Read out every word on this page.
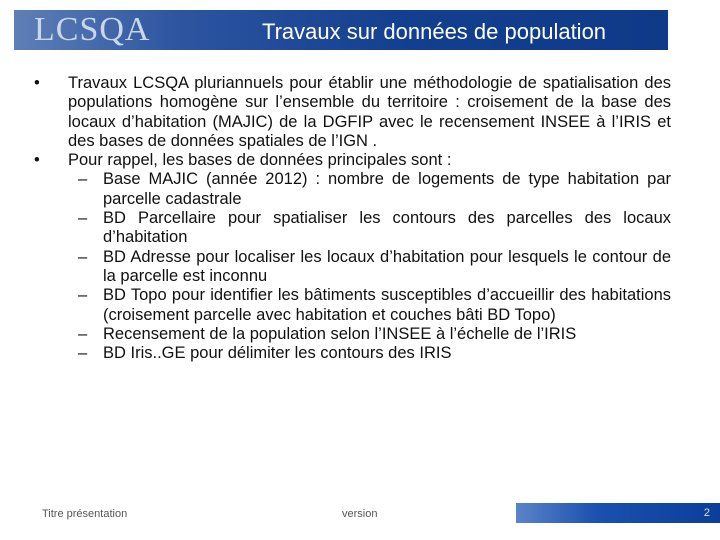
LCSQA	Travaux sur données de population
• Travaux LCSQA pluriannuels pour établir une méthodologie de spatialisation des populations homogène sur l’ensemble du territoire : croisement de la base des locaux d’habitation (MAJIC) de la DGFIP avec le recensement INSEE à l’IRIS et des bases de données spatiales de l’IGN .
• Pour rappel, les bases de données principales sont :
– Base MAJIC (année 2012) : nombre de logements de type habitation par parcelle cadastrale
– BD Parcellaire pour spatialiser les contours des parcelles des locaux d’habitation
– BD Adresse pour localiser les locaux d’habitation pour lesquels le contour de la parcelle est inconnu
– BD Topo pour identifier les bâtiments susceptibles d’accueillir des habitations (croisement parcelle avec habitation et couches bâti BD Topo)
– Recensement de la population selon l’INSEE à l’échelle de l’IRIS
– BD Iris..GE pour délimiter les contours des IRIS
Titre présentation	version	2
